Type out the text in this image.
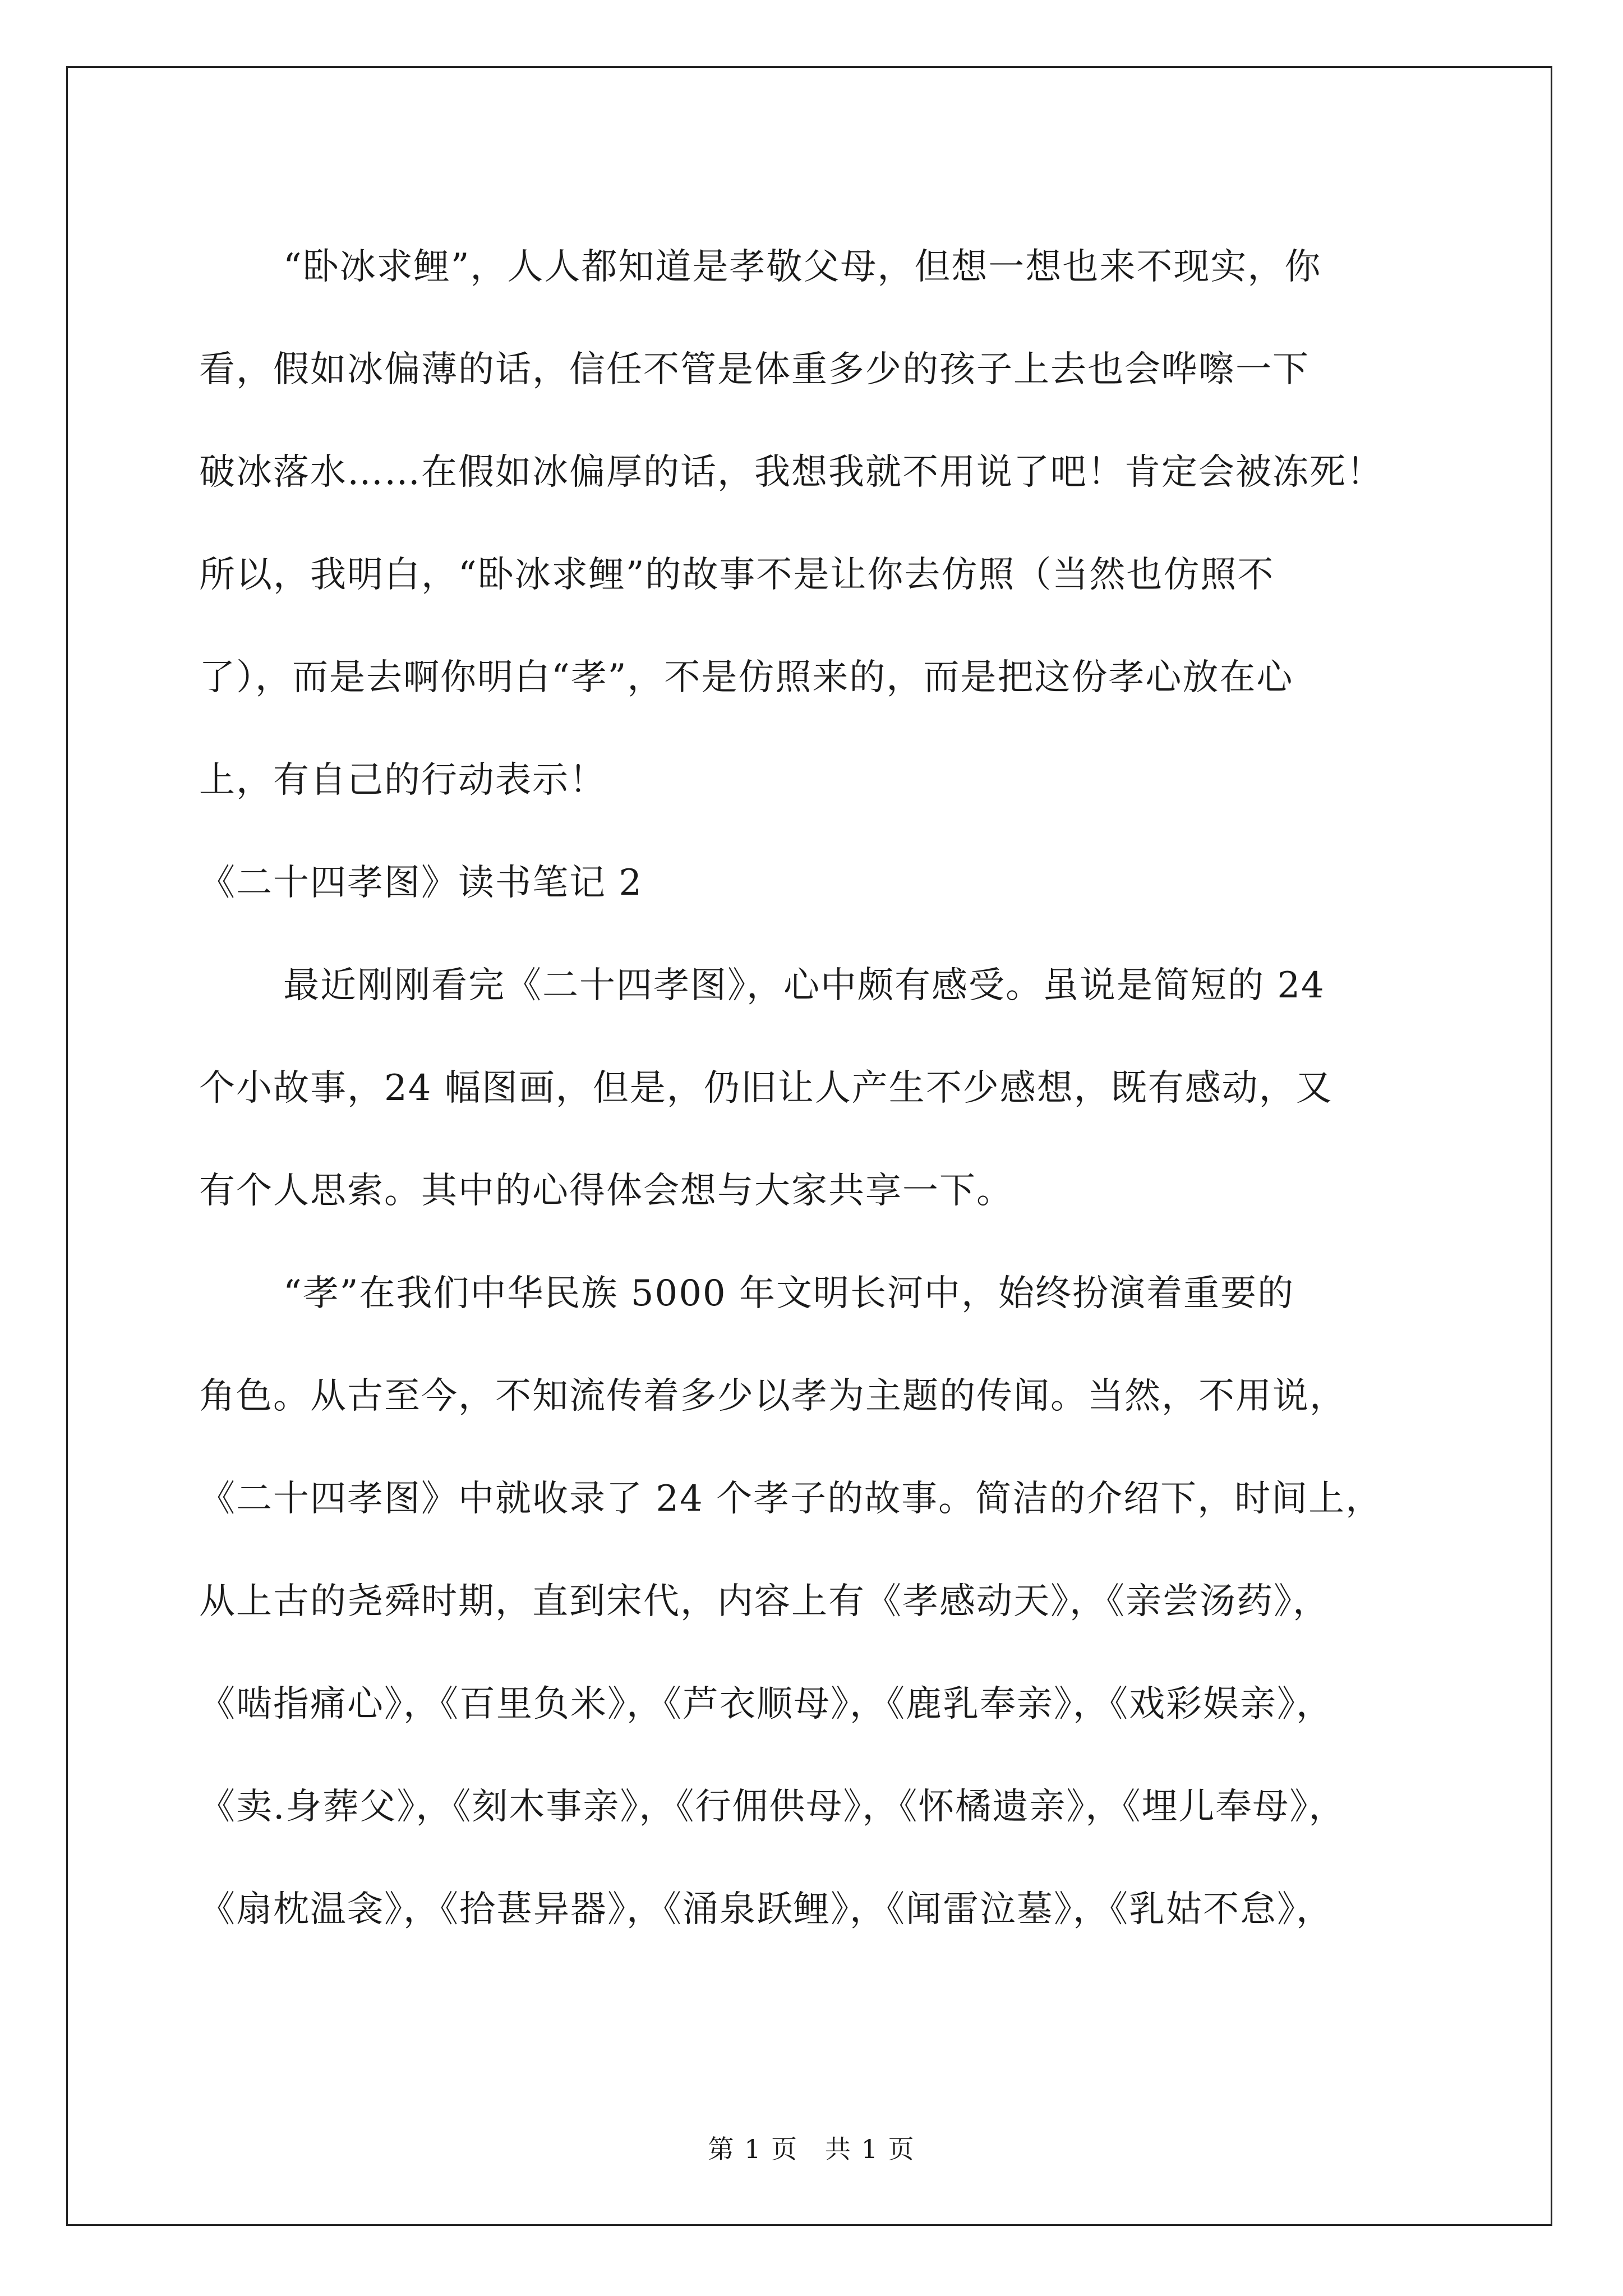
“卧冰求鲤”，人人都知道是孝敬父母，但想一想也来不现实，你

看，假如冰偏薄的话，信任不管是体重多少的孩子上去也会哗嚓一下

破冰落水……在假如冰偏厚的话，我想我就不用说了吧！肯定会被冻死！

所以，我明白，“卧冰求鲤”的故事不是让你去仿照（当然也仿照不

了），而是去啊你明白“孝”，不是仿照来的，而是把这份孝心放在心

上，有自己的行动表示！

《二十四孝图》读书笔记 2

最近刚刚看完《二十四孝图》，心中颇有感受。虽说是简短的 24

个小故事，24 幅图画，但是，仍旧让人产生不少感想，既有感动，又

有个人思索。其中的心得体会想与大家共享一下。

“孝”在我们中华民族 5000 年文明长河中，始终扮演着重要的

角色。从古至今，不知流传着多少以孝为主题的传闻。当然，不用说，

《二十四孝图》中就收录了 24 个孝子的故事。简洁的介绍下，时间上，

从上古的尧舜时期，直到宋代，内容上有《孝感动天》，《亲尝汤药》，

《啮指痛心》，《百里负米》，《芦衣顺母》，《鹿乳奉亲》，《戏彩娱亲》，

《卖.身葬父》，《刻木事亲》，《行佣供母》，《怀橘遗亲》，《埋儿奉母》，

《扇枕温衾》，《拾葚异器》，《涌泉跃鲤》，《闻雷泣墓》，《乳姑不怠》，

第 1 页　共 1 页
